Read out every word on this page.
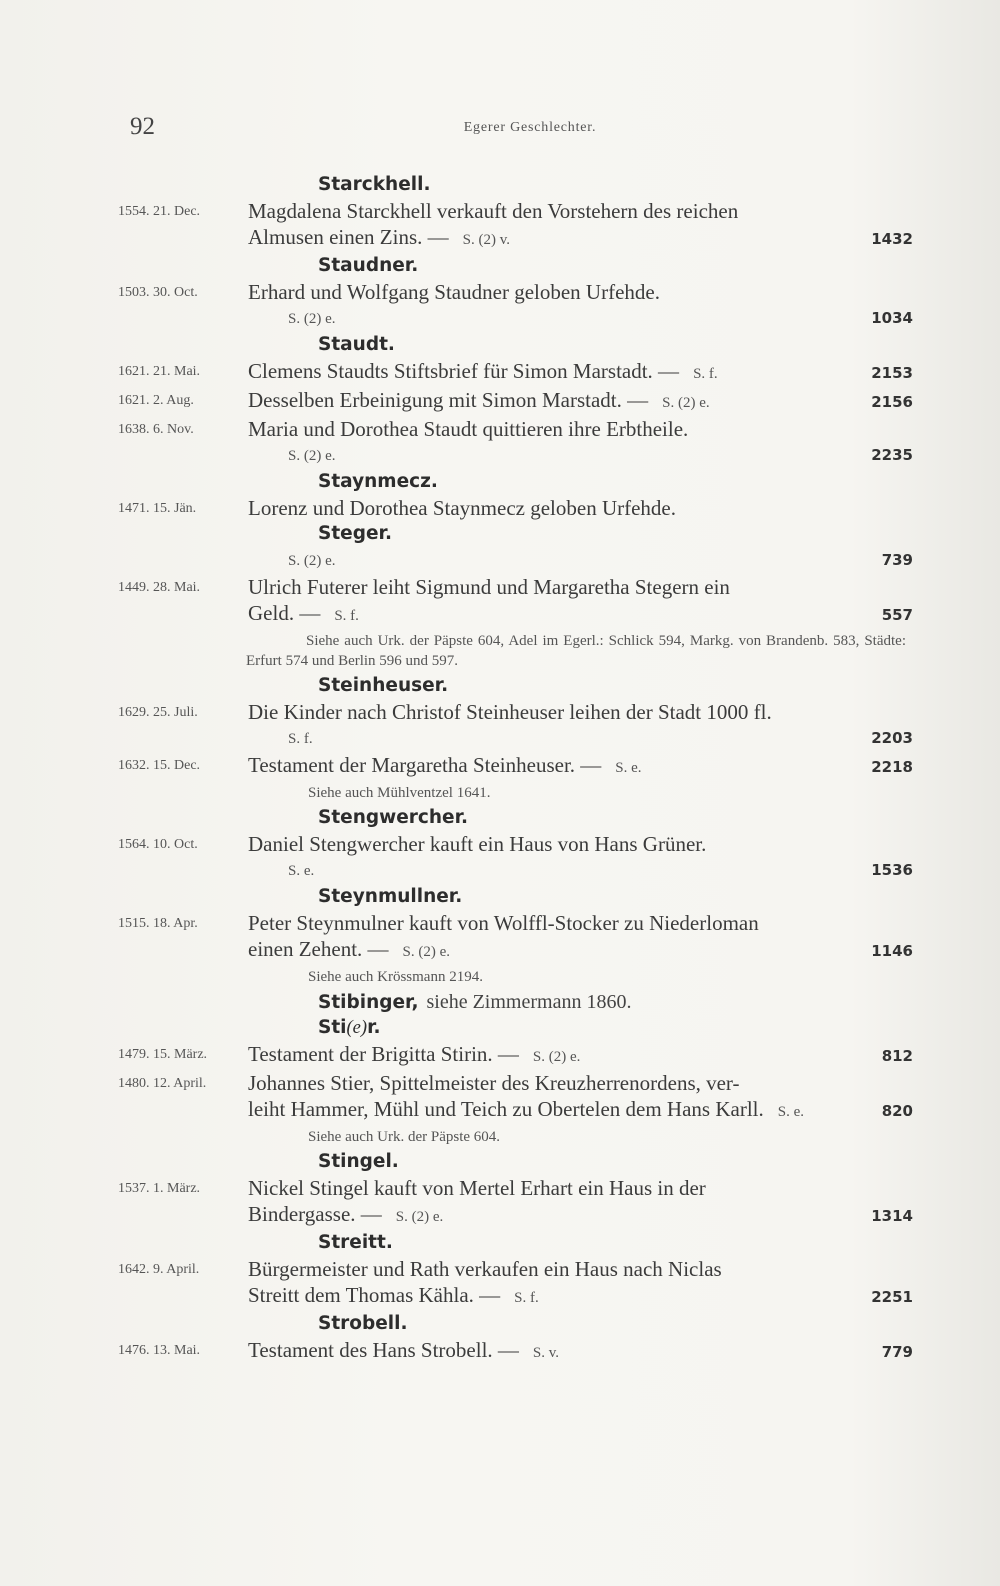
92	Egerer Geschlechter.
Starckhell.
1554. 21. Dec.	Magdalena Starckhell verkauft den Vorstehern des reichen
Almusen einen Zins. — S. (2) v.	1432
Staudner.
1503. 30. Oct.	Erhard und Wolfgang Staudner geloben Urfehde.
S. (2) e.	1034
Staudt.
1621. 21. Mai.	Clemens Staudts Stiftsbrief für Simon Marstadt. — S. f.	2153
1621. 2. Aug.	Desselben Erbeinigung mit Simon Marstadt. — S. (2) e.	2156
1638. 6. Nov.	Maria und Dorothea Staudt quittieren ihre Erbtheile.
S. (2) e.	2235
Staynmecz.
1471. 15. Jän.	Lorenz und Dorothea Staynmecz geloben Urfehde.
Steger.
S. (2) e.	739
1449. 28. Mai.	Ulrich Futerer leiht Sigmund und Margaretha Stegern ein
Geld. — S. f.	557
Siehe auch Urk. der Päpste 604, Adel im Egerl.: Schlick 594, Markg. von Brandenb. 583, Städte: Erfurt 574 und Berlin 596 und 597.
Steinheuser.
1629. 25. Juli.	Die Kinder nach Christof Steinheuser leihen der Stadt 1000 fl.
S. f.	2203
1632. 15. Dec.	Testament der Margaretha Steinheuser. — S. e.	2218
Siehe auch Mühlventzel 1641.
Stengwercher.
1564. 10. Oct.	Daniel Stengwercher kauft ein Haus von Hans Grüner.
S. e.	1536
Steynmullner.
1515. 18. Apr.	Peter Steynmulner kauft von Wolffl-Stocker zu Niederloman
einen Zehent. — S. (2) e.	1146
Siehe auch Krössmann 2194.
Stibinger, siehe Zimmermann 1860.
Sti(e)r.
1479. 15. März.	Testament der Brigitta Stirin. — S. (2) e.	812
1480. 12. April.	Johannes Stier, Spittelmeister des Kreuzherrenordens, ver-
leiht Hammer, Mühl und Teich zu Obertelen dem Hans Karll. S. e.	820
Siehe auch Urk. der Päpste 604.
Stingel.
1537. 1. März.	Nickel Stingel kauft von Mertel Erhart ein Haus in der
Bindergasse. — S. (2) e.	1314
Streitt.
1642. 9. April.	Bürgermeister und Rath verkaufen ein Haus nach Niclas
Streitt dem Thomas Kähla. — S. f.	2251
Strobell.
1476. 13. Mai.	Testament des Hans Strobell. — S. v.	779
